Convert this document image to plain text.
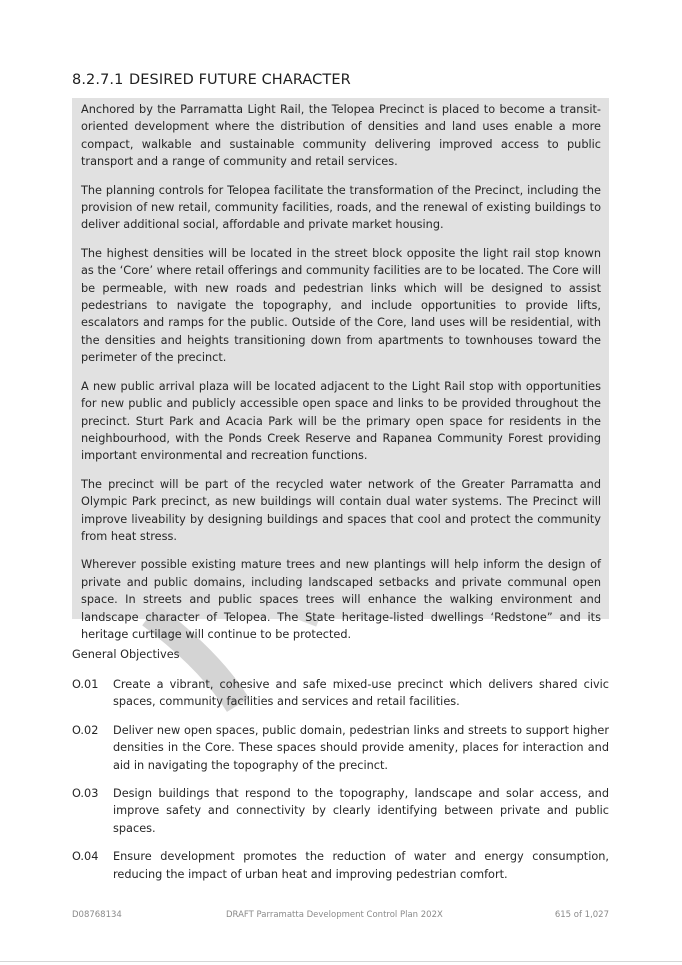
8.2.7.1 DESIRED FUTURE CHARACTER

Anchored by the Parramatta Light Rail, the Telopea Precinct is placed to become a transit- oriented development where the distribution of densities and land uses enable a more compact, walkable and sustainable community delivering improved access to public transport and a range of community and retail services.

The planning controls for Telopea facilitate the transformation of the Precinct, including the provision of new retail, community facilities, roads, and the renewal of existing buildings to deliver additional social, affordable and private market housing.

The highest densities will be located in the street block opposite the light rail stop known as the ‘Core’ where retail offerings and community facilities are to be located. The Core will be permeable, with new roads and pedestrian links which will be designed to assist pedestrians to navigate the topography, and include opportunities to provide lifts, escalators and ramps for the public. Outside of the Core, land uses will be residential, with the densities and heights transitioning down from apartments to townhouses toward the perimeter of the precinct.

A new public arrival plaza will be located adjacent to the Light Rail stop with opportunities for new public and publicly accessible open space and links to be provided throughout the precinct. Sturt Park and Acacia Park will be the primary open space for residents in the neighbourhood, with the Ponds Creek Reserve and Rapanea Community Forest providing important environmental and recreation functions.

The precinct will be part of the recycled water network of the Greater Parramatta and Olympic Park precinct, as new buildings will contain dual water systems. The Precinct will improve liveability by designing buildings and spaces that cool and protect the community from heat stress.

Wherever possible existing mature trees and new plantings will help inform the design of private and public domains, including landscaped setbacks and private communal open space. In streets and public spaces trees will enhance the walking environment and landscape character of Telopea. The State heritage-listed dwellings ‘Redstone” and its heritage curtilage will continue to be protected.

General Objectives
O.01	Create a vibrant, cohesive and safe mixed-use precinct which delivers shared civic spaces, community facilities and services and retail facilities.
O.02	Deliver new open spaces, public domain, pedestrian links and streets to support higher densities in the Core. These spaces should provide amenity, places for interaction and aid in navigating the topography of the precinct.
O.03	Design buildings that respond to the topography, landscape and solar access, and improve safety and connectivity by clearly identifying between private and public spaces.
O.04	Ensure development promotes the reduction of water and energy consumption, reducing the impact of urban heat and improving pedestrian comfort.
D08768134	DRAFT Parramatta Development Control Plan 202X	615 of 1,027
